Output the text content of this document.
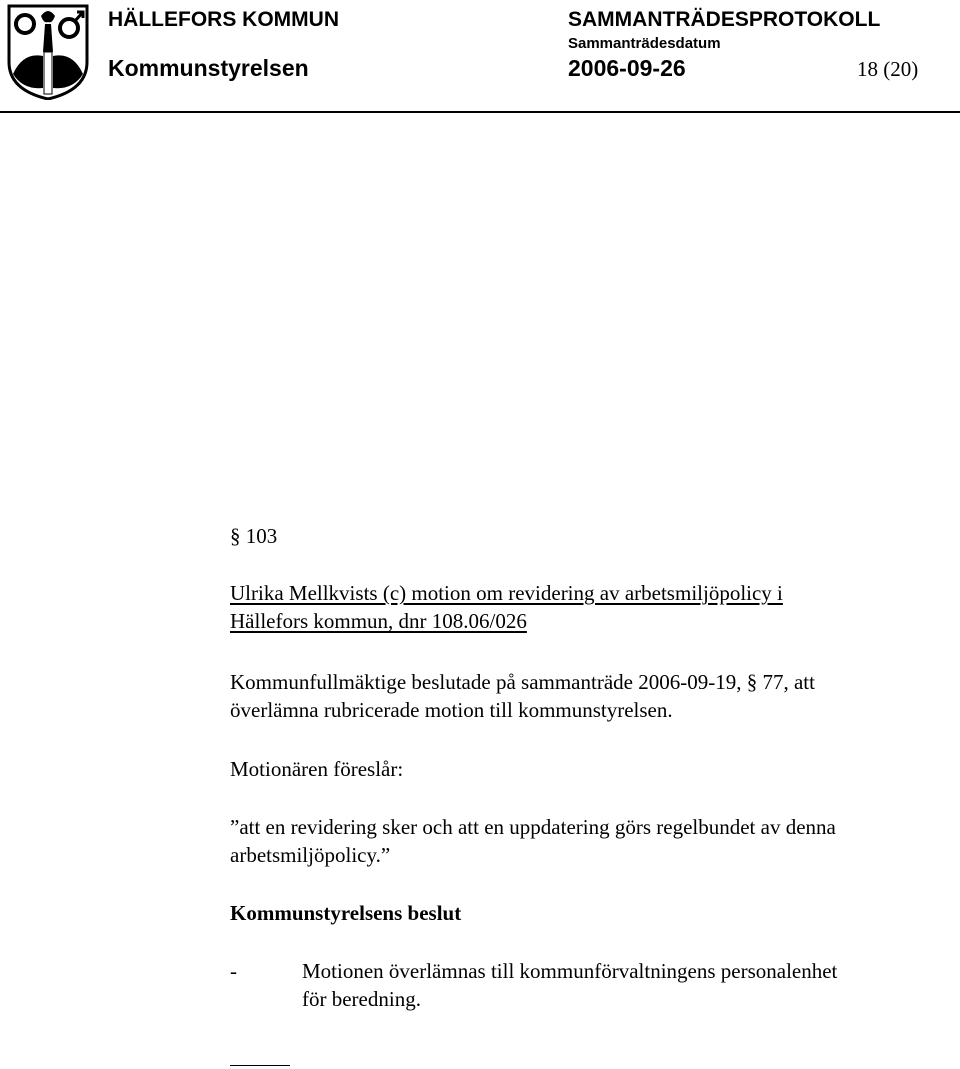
HÄLLEFORS KOMMUN	SAMMANTRÄDESPROTOKOLL
Sammanträdesdatum
Kommunstyrelsen	2006-09-26	18 (20)
§ 103
Ulrika Mellkvists (c) motion om revidering av arbetsmiljöpolicy i
Hällefors kommun, dnr 108.06/026
Kommunfullmäktige beslutade på sammanträde 2006-09-19, § 77, att
överlämna rubricerade motion till kommunstyrelsen.
Motionären föreslår:
”att en revidering sker och att en uppdatering görs regelbundet av denna
arbetsmiljöpolicy.”
Kommunstyrelsens beslut
-	Motionen överlämnas till kommunförvaltningens personalenhet
för beredning.
